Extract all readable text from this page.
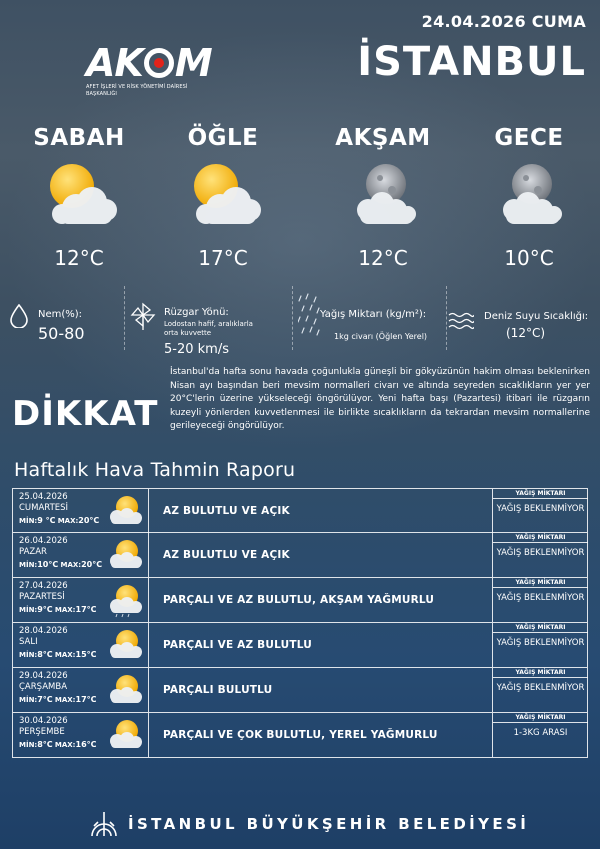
AK M
AFET İŞLERİ VE RİSK YÖNETİMİ DAİRESİ BAŞKANLIĞI
24.04.2026 CUMA
İSTANBUL
SABAH
12°C
ÖĞLE
17°C
AKŞAM
12°C
GECE
10°C
Nem(%):
50-80
Rüzgar Yönü:
Lodostan hafif, aralıklarla orta kuvvette
5-20 km/s
Yağış Miktarı (kg/m²):
1kg civarı (Öğlen Yerel)
Deniz Suyu Sıcaklığı:
(12°C)
DİKKAT
İstanbul'da hafta sonu havada çoğunlukla güneşli bir gökyüzünün hakim olması beklenirken Nisan ayı başından beri mevsim normalleri civarı ve altında seyreden sıcaklıkların yer yer 20°C'lerin üzerine yükseleceği öngörülüyor. Yeni hafta başı (Pazartesi) itibari ile rüzgarın kuzeyli yönlerden kuvvetlenmesi ile birlikte sıcaklıkların da tekrardan mevsim normallerine gerileyeceği öngörülüyor.
Haftalık Hava Tahmin Raporu
25.04.2026
CUMARTESİ
MİN:9 °C MAX:20°C
AZ BULUTLU VE AÇIK
YAĞIŞ MİKTARI
YAĞIŞ BEKLENMİYOR
26.04.2026
PAZAR
MİN:10°C MAX:20°C
AZ BULUTLU VE AÇIK
YAĞIŞ MİKTARI
YAĞIŞ BEKLENMİYOR
27.04.2026
PAZARTESİ
MİN:9°C MAX:17°C
PARÇALI VE AZ BULUTLU, AKŞAM YAĞMURLU
YAĞIŞ MİKTARI
YAĞIŞ BEKLENMİYOR
28.04.2026
SALI
MİN:8°C MAX:15°C
PARÇALI VE AZ BULUTLU
YAĞIŞ MİKTARI
YAĞIŞ BEKLENMİYOR
29.04.2026
ÇARŞAMBA
MİN:7°C MAX:17°C
PARÇALI BULUTLU
YAĞIŞ MİKTARI
YAĞIŞ BEKLENMİYOR
30.04.2026
PERŞEMBE
MİN:8°C MAX:16°C
PARÇALI VE ÇOK BULUTLU, YEREL YAĞMURLU
YAĞIŞ MİKTARI
1-3KG ARASI
İSTANBUL BÜYÜKŞEHİR BELEDİYESİ
